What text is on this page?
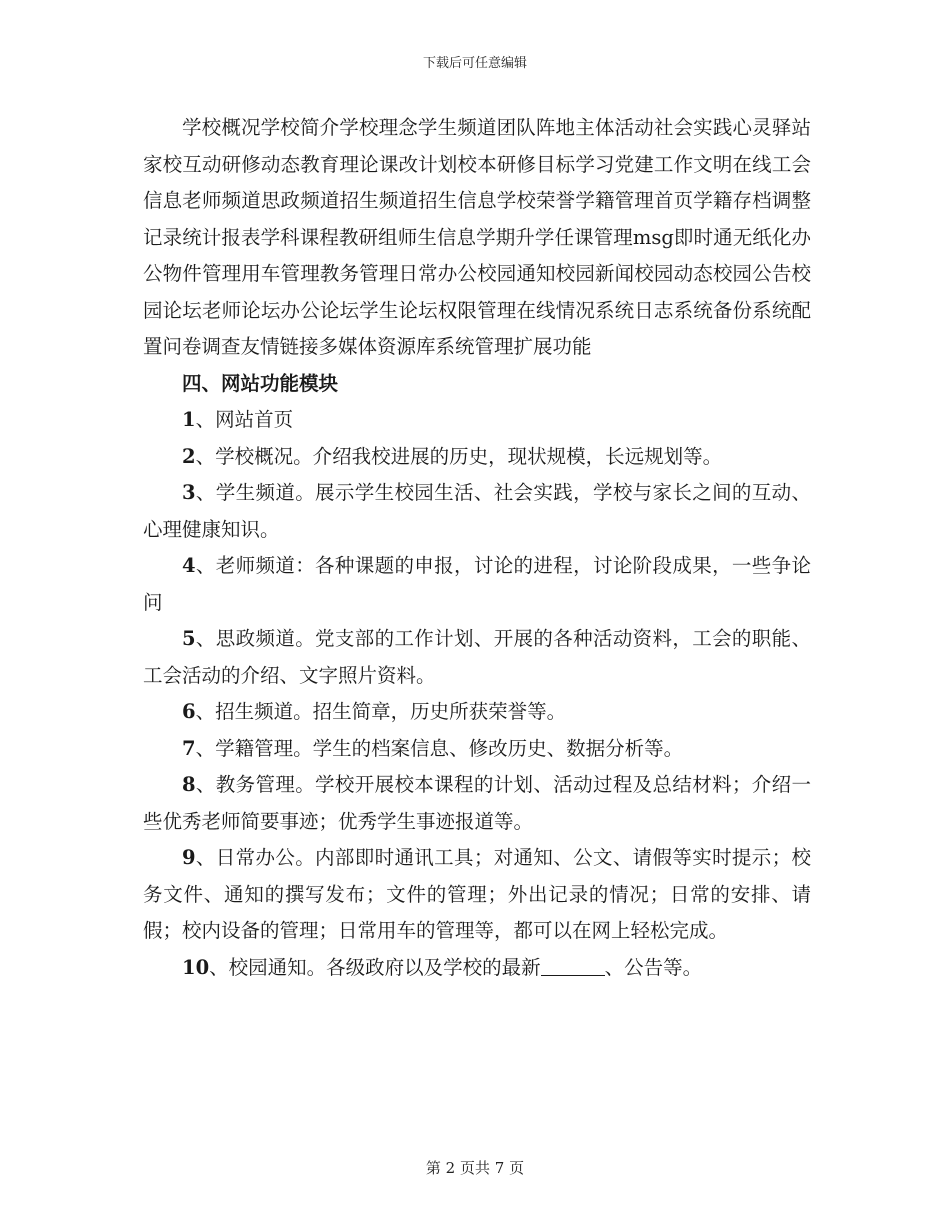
下载后可任意编辑

学校概况学校简介学校理念学生频道团队阵地主体活动社会实践心灵驿站家校互动研修动态教育理论课改计划校本研修目标学习党建工作文明在线工会信息老师频道思政频道招生频道招生信息学校荣誉学籍管理首页学籍存档调整记录统计报表学科课程教研组师生信息学期升学任课管理msg即时通无纸化办公物件管理用车管理教务管理日常办公校园通知校园新闻校园动态校园公告校园论坛老师论坛办公论坛学生论坛权限管理在线情况系统日志系统备份系统配置问卷调查友情链接多媒体资源库系统管理扩展功能

四、网站功能模块

1、网站首页

2、学校概况。介绍我校进展的历史，现状规模，长远规划等。

3、学生频道。展示学生校园生活、社会实践，学校与家长之间的互动、心理健康知识。

4、老师频道：各种课题的申报，讨论的进程，讨论阶段成果，一些争论问

5、思政频道。党支部的工作计划、开展的各种活动资料，工会的职能、工会活动的介绍、文字照片资料。

6、招生频道。招生简章，历史所获荣誉等。

7、学籍管理。学生的档案信息、修改历史、数据分析等。

8、教务管理。学校开展校本课程的计划、活动过程及总结材料；介绍一些优秀老师简要事迹；优秀学生事迹报道等。

9、日常办公。内部即时通讯工具；对通知、公文、请假等实时提示；校务文件、通知的撰写发布；文件的管理；外出记录的情况；日常的安排、请假；校内设备的管理；日常用车的管理等，都可以在网上轻松完成。

10、校园通知。各级政府以及学校的最新	、公告等。

第 2 页共 7 页
